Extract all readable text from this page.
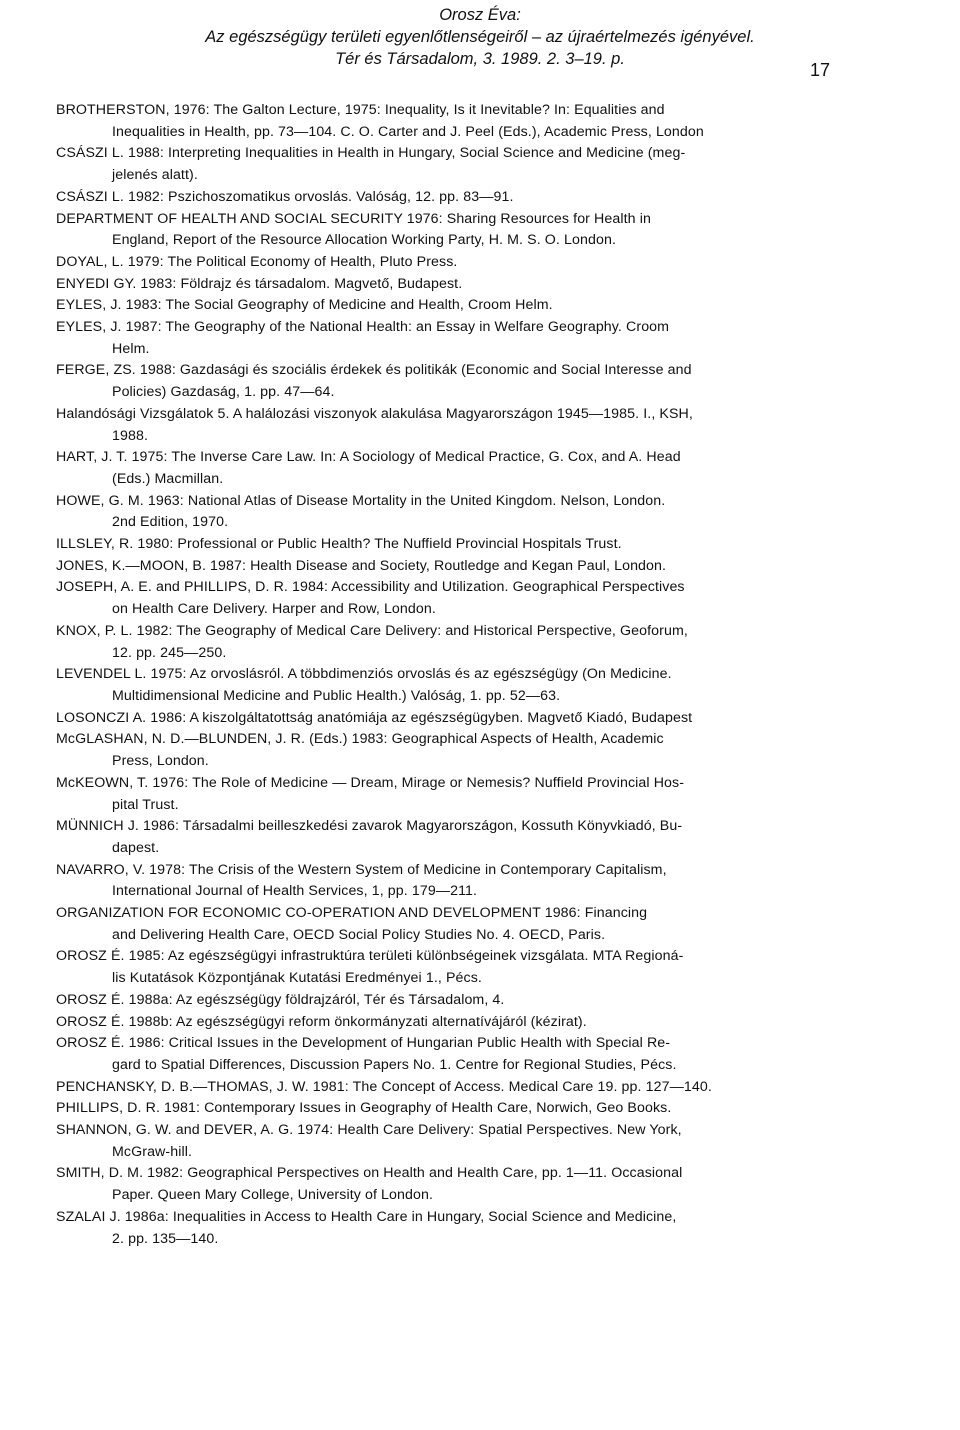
Orosz Éva:
Az egészségügy területi egyenlőtlenségeiről – az újraértelmezés igényével.
Tér és Társadalom, 3. 1989. 2. 3–19. p.
17

BROTHERSTON, 1976: The Galton Lecture, 1975: Inequality, Is it Inevitable? In: Equalities and
Inequalities in Health, pp. 73—104. C. O. Carter and J. Peel (Eds.), Academic Press, London

CSÁSZI L. 1988: Interpreting Inequalities in Health in Hungary, Social Science and Medicine (meg-
jelenés alatt).

CSÁSZI L. 1982: Pszichoszomatikus orvoslás. Valóság, 12. pp. 83—91.

DEPARTMENT OF HEALTH AND SOCIAL SECURITY 1976: Sharing Resources for Health in
England, Report of the Resource Allocation Working Party, H. M. S. O. London.

DOYAL, L. 1979: The Political Economy of Health, Pluto Press.

ENYEDI GY. 1983: Földrajz és társadalom. Magvető, Budapest.

EYLES, J. 1983: The Social Geography of Medicine and Health, Croom Helm.

EYLES, J. 1987: The Geography of the National Health: an Essay in Welfare Geography. Croom
Helm.

FERGE, ZS. 1988: Gazdasági és szociális érdekek és politikák (Economic and Social Interesse and
Policies) Gazdaság, 1. pp. 47—64.

Halandósági Vizsgálatok 5. A halálozási viszonyok alakulása Magyarországon 1945—1985. I., KSH,
1988.

HART, J. T. 1975: The Inverse Care Law. In: A Sociology of Medical Practice, G. Cox, and A. Head
(Eds.) Macmillan.

HOWE, G. M. 1963: National Atlas of Disease Mortality in the United Kingdom. Nelson, London.
2nd Edition, 1970.

ILLSLEY, R. 1980: Professional or Public Health? The Nuffield Provincial Hospitals Trust.

JONES, K.—MOON, B. 1987: Health Disease and Society, Routledge and Kegan Paul, London.

JOSEPH, A. E. and PHILLIPS, D. R. 1984: Accessibility and Utilization. Geographical Perspectives
on Health Care Delivery. Harper and Row, London.

KNOX, P. L. 1982: The Geography of Medical Care Delivery: and Historical Perspective, Geoforum,
12. pp. 245—250.

LEVENDEL L. 1975: Az orvoslásról. A többdimenziós orvoslás és az egészségügy (On Medicine.
Multidimensional Medicine and Public Health.) Valóság, 1. pp. 52—63.

LOSONCZI A. 1986: A kiszolgáltatottság anatómiája az egészségügyben. Magvető Kiadó, Budapest

McGLASHAN, N. D.—BLUNDEN, J. R. (Eds.) 1983: Geographical Aspects of Health, Academic
Press, London.

McKEOWN, T. 1976: The Role of Medicine — Dream, Mirage or Nemesis? Nuffield Provincial Hos-
pital Trust.

MÜNNICH J. 1986: Társadalmi beilleszkedési zavarok Magyarországon, Kossuth Könyvkiadó, Bu-
dapest.

NAVARRO, V. 1978: The Crisis of the Western System of Medicine in Contemporary Capitalism,
International Journal of Health Services, 1, pp. 179—211.

ORGANIZATION FOR ECONOMIC CO-OPERATION AND DEVELOPMENT 1986: Financing
and Delivering Health Care, OECD Social Policy Studies No. 4. OECD, Paris.

OROSZ É. 1985: Az egészségügyi infrastruktúra területi különbségeinek vizsgálata. MTA Regioná-
lis Kutatások Központjának Kutatási Eredményei 1., Pécs.

OROSZ É. 1988a: Az egészségügy földrajzáról, Tér és Társadalom, 4.

OROSZ É. 1988b: Az egészségügyi reform önkormányzati alternatívájáról (kézirat).

OROSZ É. 1986: Critical Issues in the Development of Hungarian Public Health with Special Re-
gard to Spatial Differences, Discussion Papers No. 1. Centre for Regional Studies, Pécs.

PENCHANSKY, D. B.—THOMAS, J. W. 1981: The Concept of Access. Medical Care 19. pp. 127—140.

PHILLIPS, D. R. 1981: Contemporary Issues in Geography of Health Care, Norwich, Geo Books.

SHANNON, G. W. and DEVER, A. G. 1974: Health Care Delivery: Spatial Perspectives. New York,
McGraw-hill.

SMITH, D. M. 1982: Geographical Perspectives on Health and Health Care, pp. 1—11. Occasional
Paper. Queen Mary College, University of London.

SZALAI J. 1986a: Inequalities in Access to Health Care in Hungary, Social Science and Medicine,
2. pp. 135—140.
